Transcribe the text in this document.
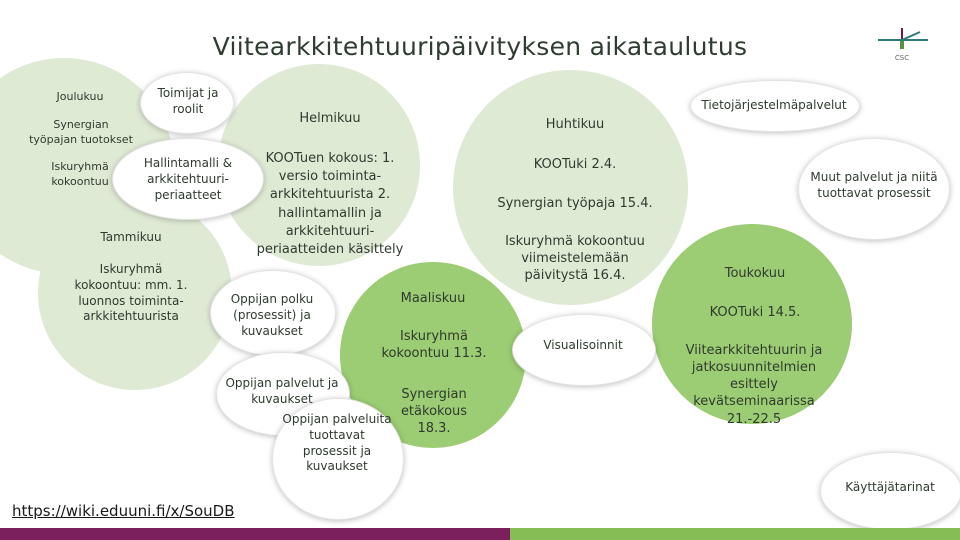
Viitearkkitehtuuripäivityksen aikataulutus	CSC
Joulukuu
Synergian työpajan tuotokset
Iskuryhmä kokoontuu
Toimijat ja roolit
Hallintamalli & arkkitehtuuri-periaatteet
Tammikuu
Iskuryhmä kokoontuu: mm. 1. luonnos toiminta-arkkitehtuurista
Helmikuu
KOOTuen kokous: 1. versio toiminta-arkkitehtuurista 2. hallintamallin ja arkkitehtuuri-periaatteiden käsittely
Oppijan polku (prosessit) ja kuvaukset
Oppijan palvelut ja kuvaukset
Oppijan palveluita tuottavat prosessit ja kuvaukset
Maaliskuu
Iskuryhmä kokoontuu 11.3.
Synergian etäkokous 18.3.
Huhtikuu
KOOTuki 2.4.
Synergian työpaja 15.4.
Iskuryhmä kokoontuu viimeistelemään päivitystä 16.4.
Tietojärjestelmäpalvelut
Visualisoinnit
Toukokuu
KOOTuki 14.5.
Viitearkkitehtuurin ja jatkosuunnitelmien esittely kevätseminaarissa 21.-22.5
Muut palvelut ja niitä tuottavat prosessit
Käyttäjätarinat
https://wiki.eduuni.fi/x/SouDB
